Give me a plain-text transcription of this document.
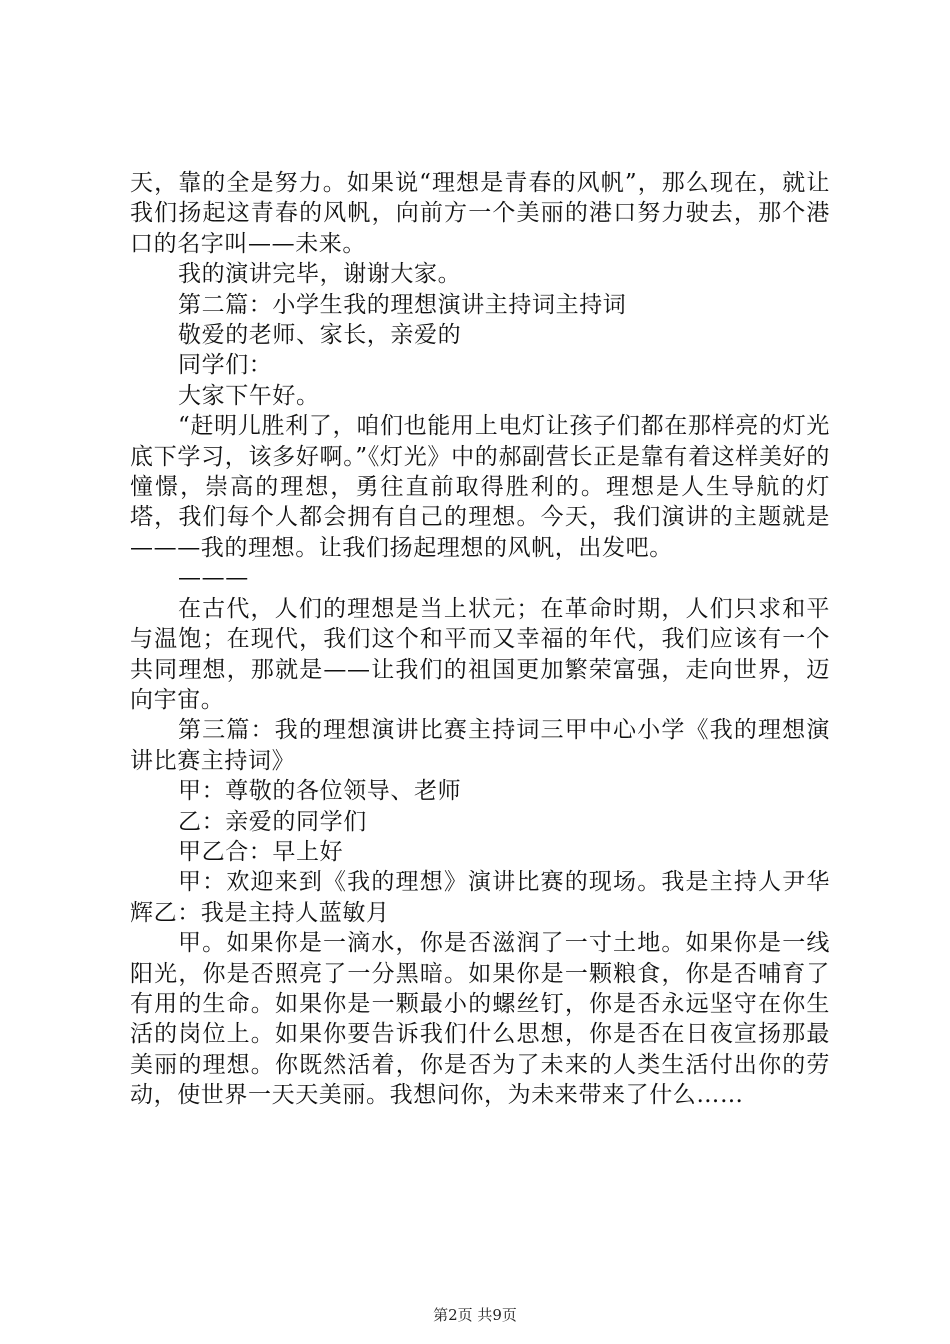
天，靠的全是努力。如果说“理想是青春的风帆”，那么现在，就让我们扬起这青春的风帆，向前方一个美丽的港口努力驶去，那个港口的名字叫——未来。

我的演讲完毕，谢谢大家。

第二篇：小学生我的理想演讲主持词主持词

敬爱的老师、家长，亲爱的

同学们：

大家下午好。

“赶明儿胜利了，咱们也能用上电灯让孩子们都在那样亮的灯光底下学习，该多好啊。”《灯光》中的郝副营长正是靠有着这样美好的憧憬，崇高的理想，勇往直前取得胜利的。理想是人生导航的灯塔，我们每个人都会拥有自己的理想。今天，我们演讲的主题就是———我的理想。让我们扬起理想的风帆，出发吧。

———

在古代，人们的理想是当上状元；在革命时期，人们只求和平与温饱；在现代，我们这个和平而又幸福的年代，我们应该有一个共同理想，那就是——让我们的祖国更加繁荣富强，走向世界，迈向宇宙。

第三篇：我的理想演讲比赛主持词三甲中心小学《我的理想演讲比赛主持词》

甲：尊敬的各位领导、老师

乙：亲爱的同学们

甲乙合：早上好

甲：欢迎来到《我的理想》演讲比赛的现场。我是主持人尹华辉乙：我是主持人蓝敏月

甲。如果你是一滴水，你是否滋润了一寸土地。如果你是一线阳光，你是否照亮了一分黑暗。如果你是一颗粮食，你是否哺育了有用的生命。如果你是一颗最小的螺丝钉，你是否永远坚守在你生活的岗位上。如果你要告诉我们什么思想，你是否在日夜宣扬那最美丽的理想。你既然活着，你是否为了未来的人类生活付出你的劳动，使世界一天天美丽。我想问你，为未来带来了什么……

第2页 共9页
